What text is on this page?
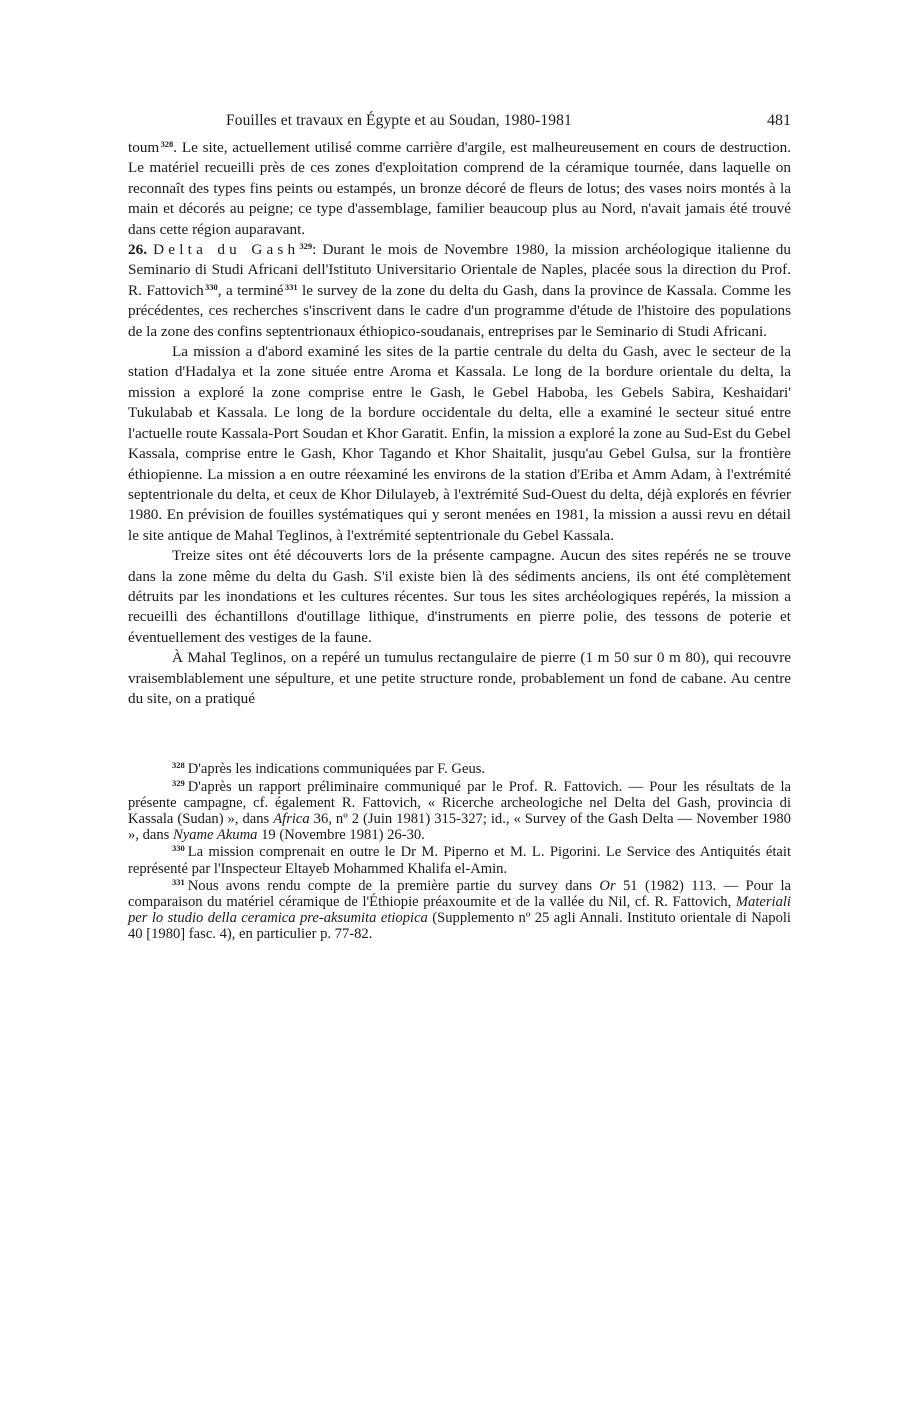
Fouilles et travaux en Égypte et au Soudan, 1980-1981	481

toum $^{328}$. Le site, actuellement utilisé comme carrière d'argile, est malheureusement en cours de destruction. Le matériel recueilli près de ces zones d'exploitation comprend de la céramique tournée, dans laquelle on reconnaît des types fins peints ou estampés, un bronze décoré de fleurs de lotus; des vases noirs montés à la main et décorés au peigne; ce type d'assemblage, familier beaucoup plus au Nord, n'avait jamais été trouvé dans cette région auparavant.

26. Delta du Gash$^{329}$: Durant le mois de Novembre 1980, la mission archéologique italienne du Seminario di Studi Africani dell'Istituto Universitario Orientale de Naples, placée sous la direction du Prof. R. Fattovich $^{330}$, a terminé $^{331}$ le survey de la zone du delta du Gash, dans la province de Kassala. Comme les précédentes, ces recherches s'inscrivent dans le cadre d'un programme d'étude de l'histoire des populations de la zone des confins septentrionaux éthiopico-soudanais, entreprises par le Seminario di Studi Africani.

La mission a d'abord examiné les sites de la partie centrale du delta du Gash, avec le secteur de la station d'Hadalya et la zone située entre Aroma et Kassala. Le long de la bordure orientale du delta, la mission a exploré la zone comprise entre le Gash, le Gebel Haboba, les Gebels Sabira, Keshaidari' Tukulabab et Kassala. Le long de la bordure occidentale du delta, elle a examiné le secteur situé entre l'actuelle route Kassala-Port Soudan et Khor Garatit. Enfin, la mission a exploré la zone au Sud-Est du Gebel Kassala, comprise entre le Gash, Khor Tagando et Khor Shaitalit, jusqu'au Gebel Gulsa, sur la frontière éthiopienne. La mission a en outre réexaminé les environs de la station d'Eriba et Amm Adam, à l'extrémité septentrionale du delta, et ceux de Khor Dilulayeb, à l'extrémité Sud-Ouest du delta, déjà explorés en février 1980. En prévision de fouilles systématiques qui y seront menées en 1981, la mission a aussi revu en détail le site antique de Mahal Teglinos, à l'extrémité septentrionale du Gebel Kassala.

Treize sites ont été découverts lors de la présente campagne. Aucun des sites repérés ne se trouve dans la zone même du delta du Gash. S'il existe bien là des sédiments anciens, ils ont été complètement détruits par les inondations et les cultures récentes. Sur tous les sites archéologiques repérés, la mission a recueilli des échantillons d'outillage lithique, d'instruments en pierre polie, des tessons de poterie et éventuellement des vestiges de la faune.

À Mahal Teglinos, on a repéré un tumulus rectangulaire de pierre (1 m 50 sur 0 m 80), qui recouvre vraisemblablement une sépulture, et une petite structure ronde, probablement un fond de cabane. Au centre du site, on a pratiqué

$^{328}$ D'après les indications communiquées par F. Geus.

$^{329}$ D'après un rapport préliminaire communiqué par le Prof. R. Fattovich. — Pour les résultats de la présente campagne, cf. également R. Fattovich, « Ricerche archeologiche nel Delta del Gash, provincia di Kassala (Sudan) », dans Africa 36, nº 2 (Juin 1981) 315-327; id., « Survey of the Gash Delta — November 1980 », dans Nyame Akuma 19 (Novembre 1981) 26-30.

$^{330}$ La mission comprenait en outre le Dr M. Piperno et M. L. Pigorini. Le Service des Antiquités était représenté par l'Inspecteur Eltayeb Mohammed Khalifa el-Amin.

$^{331}$ Nous avons rendu compte de la première partie du survey dans Or 51 (1982) 113. — Pour la comparaison du matériel céramique de l'Éthiopie préaxoumite et de la vallée du Nil, cf. R. Fattovich, Materiali per lo studio della ceramica pre-aksumita etiopica (Supplemento nº 25 agli Annali. Instituto orientale di Napoli 40 [1980] fasc. 4), en particulier p. 77-82.
